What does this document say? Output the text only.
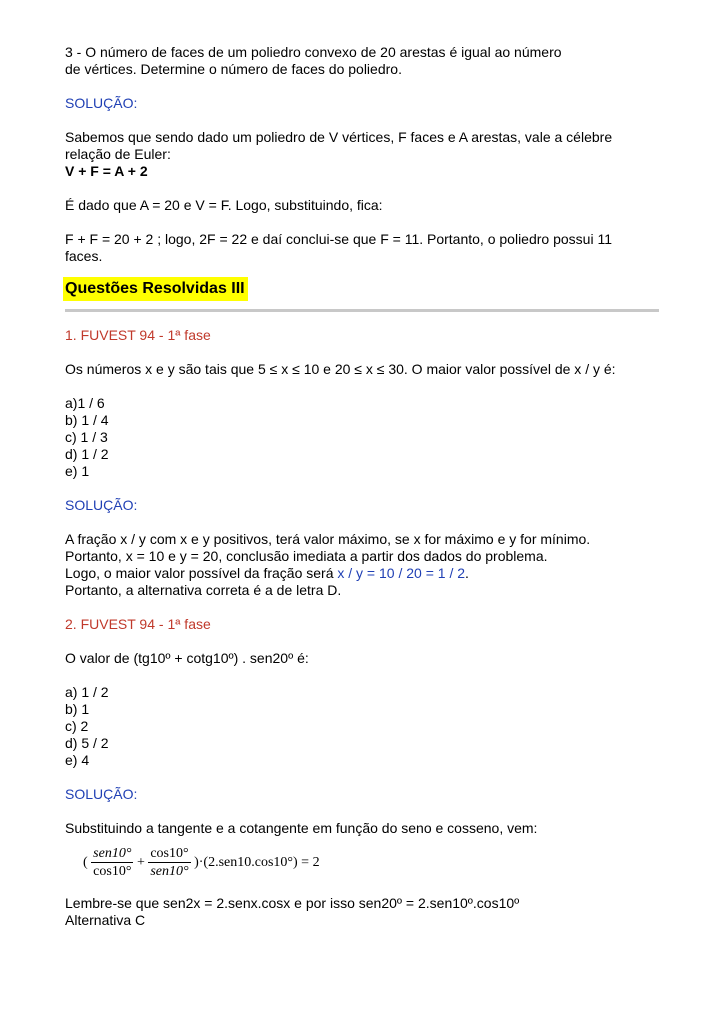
3 - O número de faces de um poliedro convexo de 20 arestas é igual ao número

de vértices. Determine o número de faces do poliedro.

SOLUÇÃO:

Sabemos que sendo dado um poliedro de V vértices, F faces e A arestas, vale a célebre

relação de Euler:

V + F = A + 2

É dado que A = 20 e V = F. Logo, substituindo, fica:

F + F = 20 + 2 ; logo, 2F = 22 e daí conclui-se que F = 11. Portanto, o poliedro possui 11

faces.

Questões Resolvidas III

1. FUVEST 94 - 1ª fase

Os números x e y são tais que 5 ≤ x ≤ 10 e 20 ≤ x ≤ 30. O maior valor possível de x / y é:

a)1 / 6

b) 1 / 4

c) 1 / 3

d) 1 / 2

e) 1

SOLUÇÃO:

A fração x / y com x e y positivos, terá valor máximo, se x for máximo e y for mínimo.

Portanto, x = 10 e y = 20, conclusão imediata a partir dos dados do problema.

Logo, o maior valor possível da fração será x / y = 10 / 20 = 1 / 2.

Portanto, a alternativa correta é a de letra D.

2. FUVEST 94 - 1ª fase

O valor de (tg10º + cotg10º) . sen20º é:

a) 1 / 2

b) 1

c) 2

d) 5 / 2

e) 4

SOLUÇÃO:

Substituindo a tangente e a cotangente em função do seno e cosseno, vem:

( $\frac{\text{sen10°}}{\cos 10^\circ} + \frac{\cos 10^\circ}{\text{sen10°}} )\cdot(2.sen10.\cos 10^\circ) = 2$

Lembre-se que sen2x = 2.senx.cosx e por isso sen20º = 2.sen10º.cos10º

Alternativa C
